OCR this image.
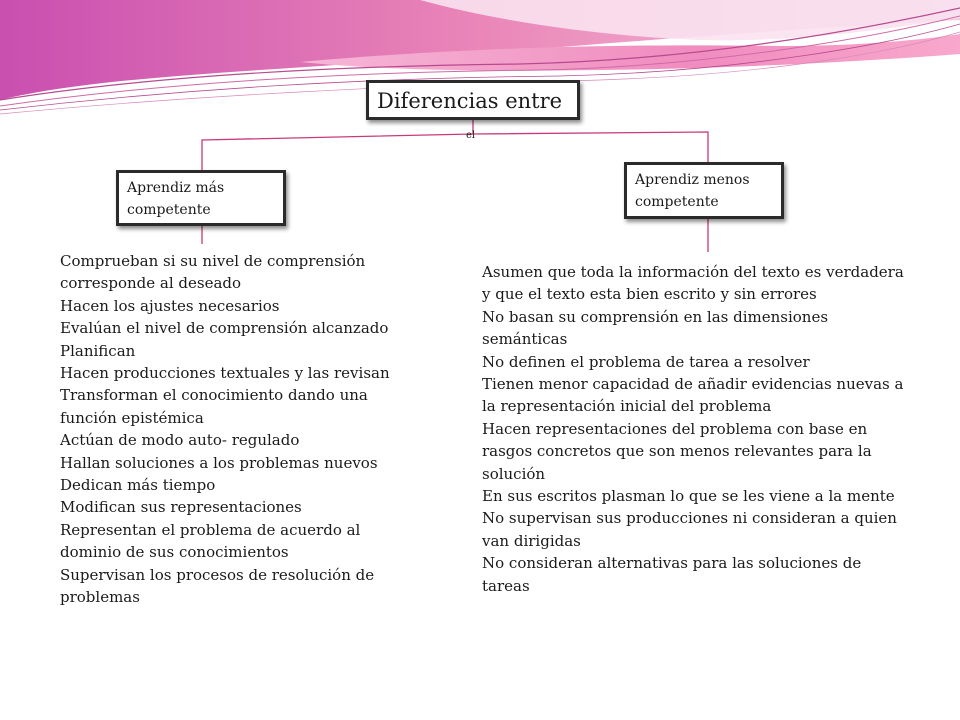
Diferencias entre
el
Aprendiz más competente
Aprendiz menos competente
Comprueban si su nivel de comprensión corresponde al deseado
Hacen los ajustes necesarios
Evalúan el nivel de comprensión alcanzado
Planifican
Hacen producciones textuales y las revisan
Transforman el conocimiento dando una función epistémica
Actúan de modo auto- regulado
Hallan soluciones a los problemas nuevos
Dedican más tiempo
Modifican sus representaciones
Representan el problema de acuerdo al dominio de sus conocimientos
Supervisan los procesos de resolución de problemas
Asumen que toda la información del texto es verdadera y que el texto esta bien escrito y sin errores
No basan su comprensión en las dimensiones semánticas
No definen el problema de tarea a resolver
Tienen menor capacidad de añadir evidencias nuevas a la representación inicial del problema
Hacen representaciones del problema con base en rasgos concretos que son menos relevantes para la solución
En sus escritos plasman lo que se les viene a la mente
No supervisan sus producciones ni consideran a quien van dirigidas
No consideran alternativas para las soluciones de tareas
